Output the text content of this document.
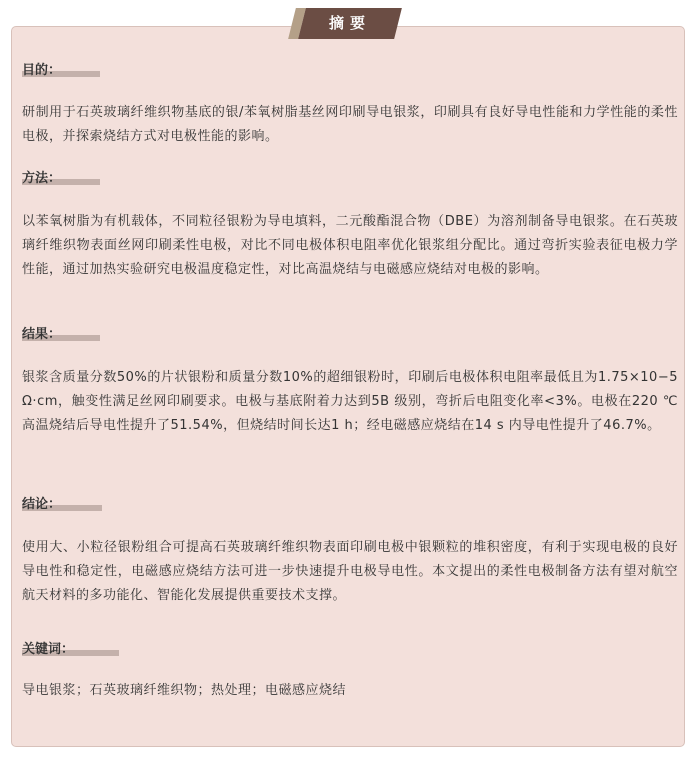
摘要
目的：
研制用于石英玻璃纤维织物基底的银/苯氧树脂基丝网印刷导电银浆，印刷具有良好导电性能和力学性能的柔性电极，并探索烧结方式对电极性能的影响。
方法：
以苯氧树脂为有机载体，不同粒径银粉为导电填料，二元酸酯混合物（DBE）为溶剂制备导电银浆。在石英玻璃纤维织物表面丝网印刷柔性电极，对比不同电极体积电阻率优化银浆组分配比。通过弯折实验表征电极力学性能，通过加热实验研究电极温度稳定性，对比高温烧结与电磁感应烧结对电极的影响。
结果：
银浆含质量分数50%的片状银粉和质量分数10%的超细银粉时，印刷后电极体积电阻率最低且为1.75×10−5 Ω·cm，触变性满足丝网印刷要求。电极与基底附着力达到5B 级别，弯折后电阻变化率<3%。电极在220 ℃高温烧结后导电性提升了51.54%，但烧结时间长达1 h；经电磁感应烧结在14 s 内导电性提升了46.7%。
结论：
使用大、小粒径银粉组合可提高石英玻璃纤维织物表面印刷电极中银颗粒的堆积密度，有利于实现电极的良好导电性和稳定性，电磁感应烧结方法可进一步快速提升电极导电性。本文提出的柔性电极制备方法有望对航空航天材料的多功能化、智能化发展提供重要技术支撑。
关键词：
导电银浆；石英玻璃纤维织物；热处理；电磁感应烧结
